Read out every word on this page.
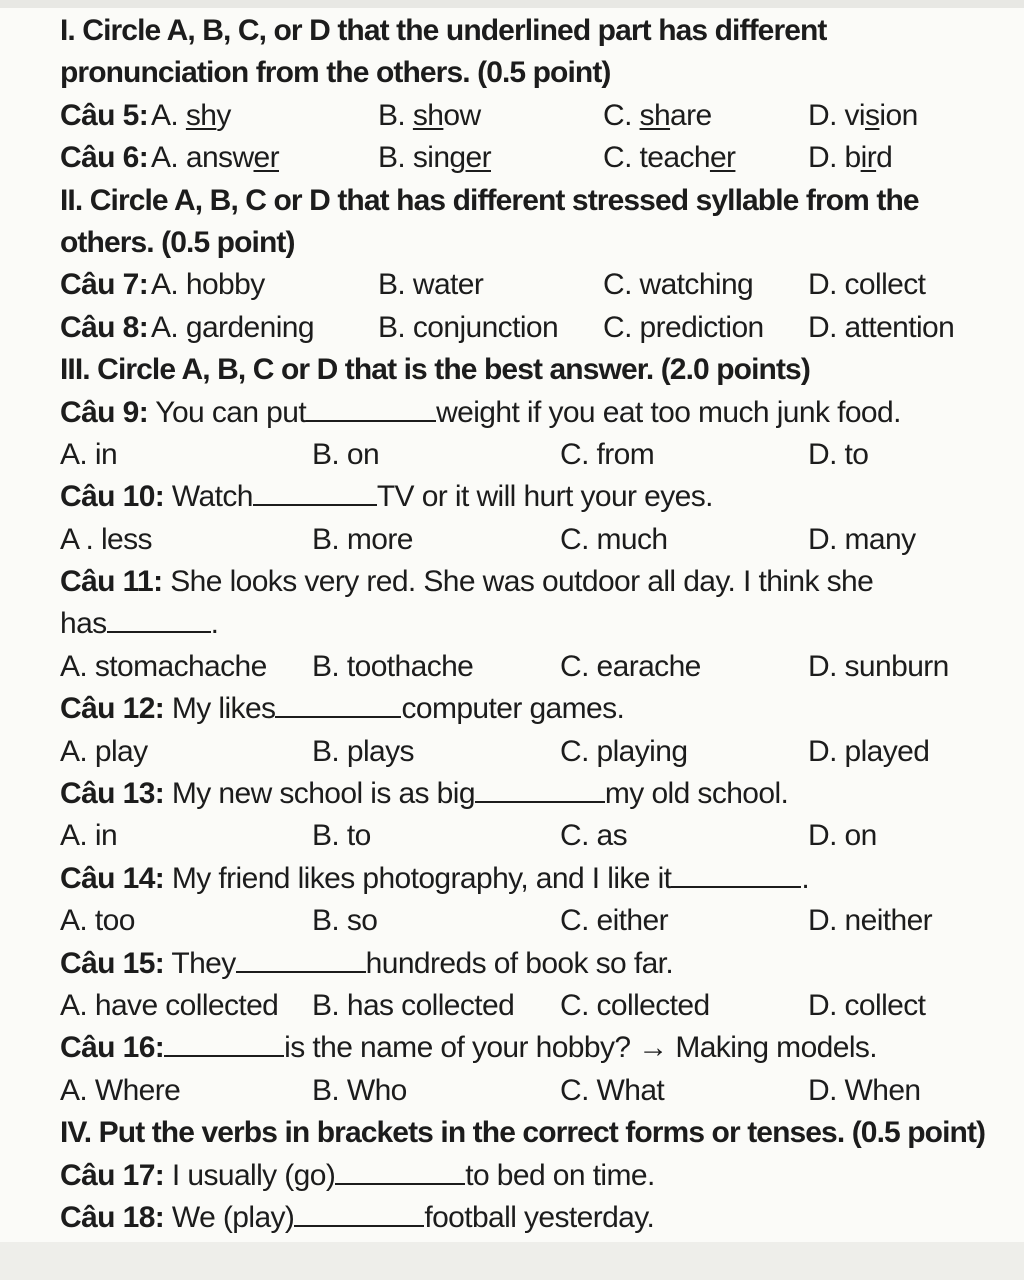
I. Circle A, B, C, or D that the underlined part has different
pronunciation from the others. (0.5 point)
Câu 5: A. shy	B. show	C. share	D. vision
Câu 6: A. answer	B. singer	C. teacher D. bird
II. Circle A, B, C or D that has different stressed syllable from the
others. (0.5 point)
Câu 7: A. hobby	B. water	C. watching D. collect
Câu 8: A. gardening B. conjunction C. prediction D. attention
III. Circle A, B, C or D that is the best answer. (2.0 points)
Câu 9: You can put	weight if you eat too much junk food.
A. in	B. on	C. from	D. to
Câu 10: Watch	TV or it will hurt your eyes.
A . less	B. more	C. much	D. many
Câu 11: She looks very red. She was outdoor all day. I think she
has	.
A. stomachache B. toothache	C. earache	D. sunburn
Câu 12: My likes	computer games.
A. play	B. plays	C. playing	D. played
Câu 13: My new school is as big	my old school.
A. in	B. to	C. as	D. on
Câu 14: My friend likes photography, and I like it	.
A. too	B. so	C. either	D. neither
Câu 15: They	hundreds of book so far.
A. have collected B. has collected C. collected	D. collect
Câu 16:	is the name of your hobby? → Making models.
A. Where	B. Who	C. What	D. When
IV. Put the verbs in brackets in the correct forms or tenses. (0.5 point)
Câu 17: I usually (go)	to bed on time.
Câu 18: We (play)	football yesterday.
